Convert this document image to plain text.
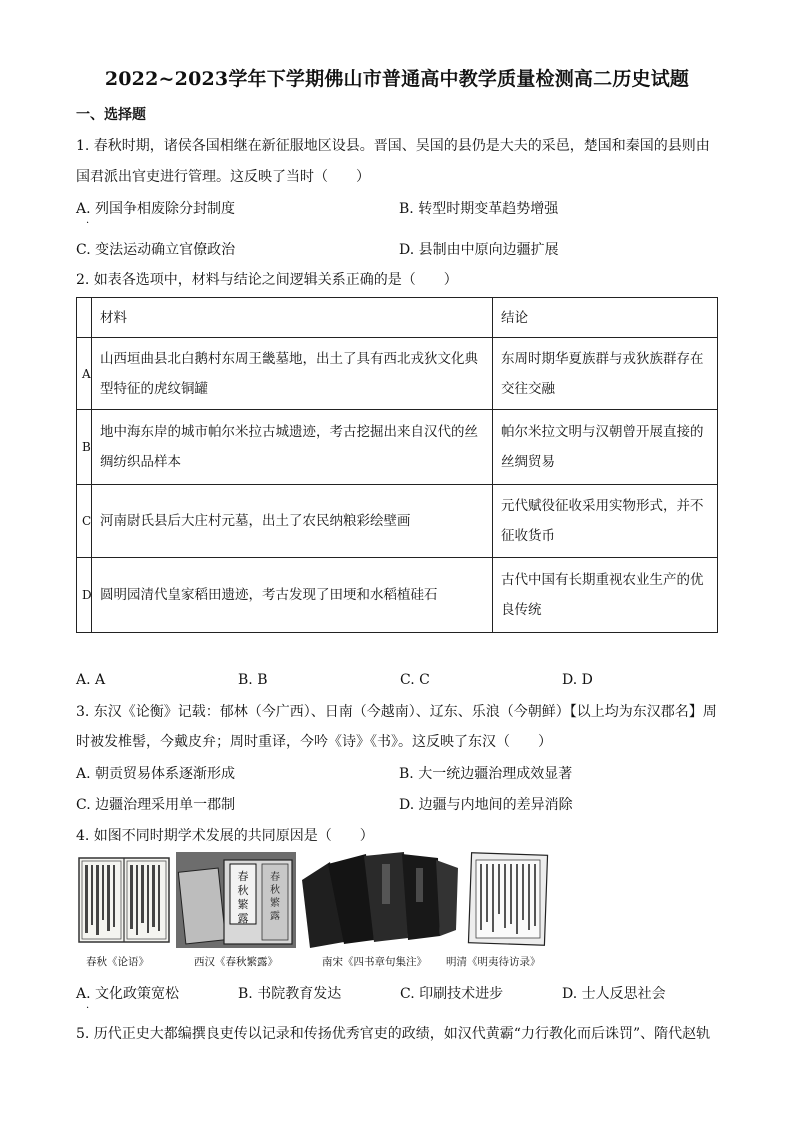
2022~2023学年下学期佛山市普通高中教学质量检测高二历史试题
一、选择题
1. 春秋时期，诸侯各国相继在新征服地区设县。晋国、吴国的县仍是大夫的采邑，楚国和秦国的县则由
国君派出官吏进行管理。这反映了当时（　　）
A. 列国争相废除分封制度
·
B. 转型时期变革趋势增强
C. 变法运动确立官僚政治	D. 县制由中原向边疆扩展
2. 如表各选项中，材料与结论之间逻辑关系正确的是（　　）
	材料	结论
A	山西垣曲县北白鹅村东周王畿墓地，出土了具有西北戎狄文化典型特征的虎纹铜罐	东周时期华夏族群与戎狄族群存在交往交融
B	地中海东岸的城市帕尔米拉古城遗迹，考古挖掘出来自汉代的丝绸纺织品样本	帕尔米拉文明与汉朝曾开展直接的丝绸贸易
C	河南尉氏县后大庄村元墓，出土了农民纳粮彩绘壁画	元代赋役征收采用实物形式，并不征收货币
D	圆明园清代皇家稻田遗迹，考古发现了田埂和水稻植硅石	古代中国有长期重视农业生产的优良传统
A. A	B. B	C. C	D. D
3. 东汉《论衡》记载：郁林（今广西）、日南（今越南）、辽东、乐浪（今朝鲜）【以上均为东汉郡名】周
时被发椎髻，今戴皮弁；周时重译，今吟《诗》《书》。这反映了东汉（　　）
A. 朝贡贸易体系逐渐形成	B. 大一统边疆治理成效显著
C. 边疆治理采用单一郡制	D. 边疆与内地间的差异消除
4. 如图不同时期学术发展的共同原因是（　　）
春
秋
繁
露
春
秋
繁
露
春秋《论语》	西汉《春秋繁露》	南宋《四书章句集注》 明清《明夷待访录》
A. 文化政策宽松
·
B. 书院教育发达	C. 印刷技术进步	D. 士人反思社会
5. 历代正史大都编撰良吏传以记录和传扬优秀官吏的政绩，如汉代黄霸“力行教化而后诛罚”、隋代赵轨
